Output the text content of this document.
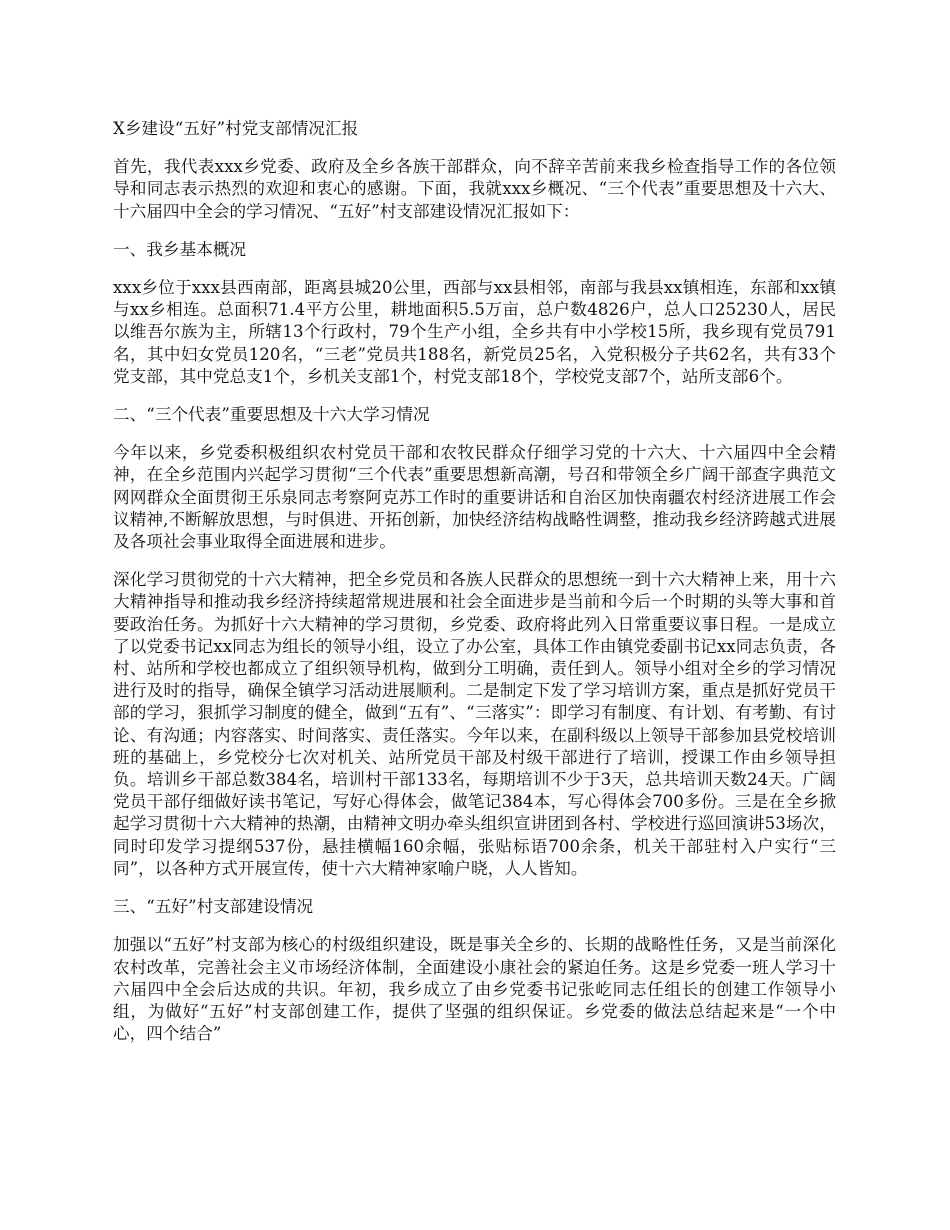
X乡建设“五好”村党支部情况汇报
首先，我代表xxx乡党委、政府及全乡各族干部群众，向不辞辛苦前来我乡检查指导工作的各位领导和同志表示热烈的欢迎和衷心的感谢。下面，我就xxx乡概况、“三个代表”重要思想及十六大、十六届四中全会的学习情况、“五好”村支部建设情况汇报如下：
一、我乡基本概况
xxx乡位于xxx县西南部，距离县城20公里，西部与xx县相邻，南部与我县xx镇相连，东部和xx镇与xx乡相连。总面积71.4平方公里，耕地面积5.5万亩，总户数4826户，总人口25230人，居民以维吾尔族为主，所辖13个行政村，79个生产小组，全乡共有中小学校15所，我乡现有党员791名，其中妇女党员120名，“三老”党员共188名，新党员25名，入党积极分子共62名，共有33个党支部，其中党总支1个，乡机关支部1个，村党支部18个，学校党支部7个，站所支部6个。
二、“三个代表”重要思想及十六大学习情况
今年以来，乡党委积极组织农村党员干部和农牧民群众仔细学习党的十六大、十六届四中全会精神，在全乡范围内兴起学习贯彻“三个代表”重要思想新高潮，号召和带领全乡广阔干部查字典范文网网群众全面贯彻王乐泉同志考察阿克苏工作时的重要讲话和自治区加快南疆农村经济进展工作会议精神,不断解放思想，与时俱进、开拓创新，加快经济结构战略性调整，推动我乡经济跨越式进展及各项社会事业取得全面进展和进步。
深化学习贯彻党的十六大精神，把全乡党员和各族人民群众的思想统一到十六大精神上来，用十六大精神指导和推动我乡经济持续超常规进展和社会全面进步是当前和今后一个时期的头等大事和首要政治任务。为抓好十六大精神的学习贯彻，乡党委、政府将此列入日常重要议事日程。一是成立了以党委书记xx同志为组长的领导小组，设立了办公室，具体工作由镇党委副书记xx同志负责，各村、站所和学校也都成立了组织领导机构，做到分工明确，责任到人。领导小组对全乡的学习情况进行及时的指导，确保全镇学习活动进展顺利。二是制定下发了学习培训方案，重点是抓好党员干部的学习，狠抓学习制度的健全，做到“五有”、“三落实”：即学习有制度、有计划、有考勤、有讨论、有沟通；内容落实、时间落实、责任落实。今年以来，在副科级以上领导干部参加县党校培训班的基础上，乡党校分七次对机关、站所党员干部及村级干部进行了培训，授课工作由乡领导担负。培训乡干部总数384名，培训村干部133名，每期培训不少于3天，总共培训天数24天。广阔党员干部仔细做好读书笔记，写好心得体会，做笔记384本，写心得体会700多份。三是在全乡掀起学习贯彻十六大精神的热潮，由精神文明办牵头组织宣讲团到各村、学校进行巡回演讲53场次，同时印发学习提纲537份，悬挂横幅160余幅，张贴标语700余条，机关干部驻村入户实行“三同”，以各种方式开展宣传，使十六大精神家喻户晓，人人皆知。
三、“五好”村支部建设情况
加强以“五好”村支部为核心的村级组织建设，既是事关全乡的、长期的战略性任务，又是当前深化农村改革，完善社会主义市场经济体制，全面建设小康社会的紧迫任务。这是乡党委一班人学习十六届四中全会后达成的共识。年初，我乡成立了由乡党委书记张屹同志任组长的创建工作领导小组，为做好“五好”村支部创建工作，提供了坚强的组织保证。乡党委的做法总结起来是“一个中心，四个结合”
